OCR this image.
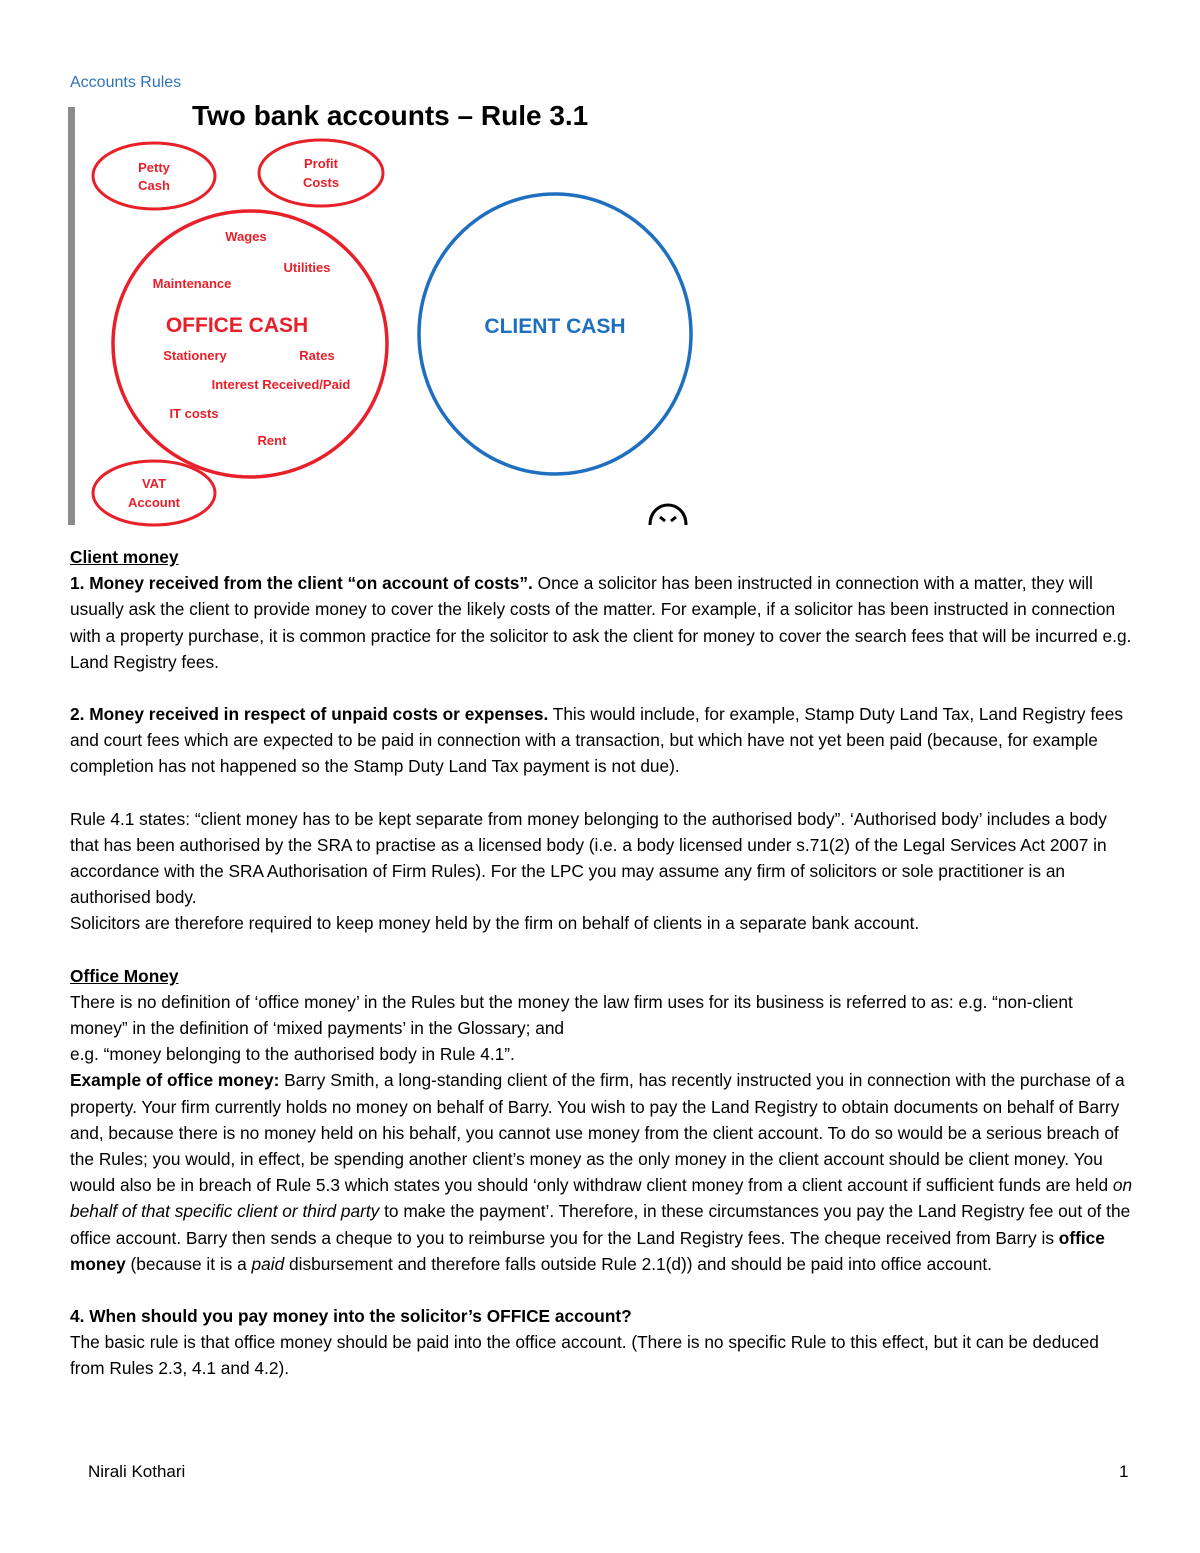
Accounts Rules
Two bank accounts – Rule 3.1
Petty
Cash
Profit
Costs
OFFICE CASH
Wages
Utilities
Maintenance
Stationery	Rates
Interest Received/Paid
IT costs
Rent
VAT
Account
CLIENT CASH

Client money

1. Money received from the client “on account of costs”. Once a solicitor has been instructed in connection with a matter, they will usually ask the client to provide money to cover the likely costs of the matter. For example, if a solicitor has been instructed in connection with a property purchase, it is common practice for the solicitor to ask the client for money to cover the search fees that will be incurred e.g. Land Registry fees.

2. Money received in respect of unpaid costs or expenses. This would include, for example, Stamp Duty Land Tax, Land Registry fees and court fees which are expected to be paid in connection with a transaction, but which have not yet been paid (because, for example completion has not happened so the Stamp Duty Land Tax payment is not due).

Rule 4.1 states: “client money has to be kept separate from money belonging to the authorised body”. ‘Authorised body’ includes a body that has been authorised by the SRA to practise as a licensed body (i.e. a body licensed under s.71(2) of the Legal Services Act 2007 in accordance with the SRA Authorisation of Firm Rules). For the LPC you may assume any firm of solicitors or sole practitioner is an authorised body.

Solicitors are therefore required to keep money held by the firm on behalf of clients in a separate bank account.

Office Money

There is no definition of ‘office money’ in the Rules but the money the law firm uses for its business is referred to as: e.g. “non-client money” in the definition of ‘mixed payments’ in the Glossary; and

e.g. “money belonging to the authorised body in Rule 4.1”.

Example of office money: Barry Smith, a long-standing client of the firm, has recently instructed you in connection with the purchase of a property. Your firm currently holds no money on behalf of Barry. You wish to pay the Land Registry to obtain documents on behalf of Barry and, because there is no money held on his behalf, you cannot use money from the client account. To do so would be a serious breach of the Rules; you would, in effect, be spending another client’s money as the only money in the client account should be client money. You would also be in breach of Rule 5.3 which states you should ‘only withdraw client money from a client account if sufficient funds are held on behalf of that specific client or third party to make the payment’. Therefore, in these circumstances you pay the Land Registry fee out of the office account. Barry then sends a cheque to you to reimburse you for the Land Registry fees. The cheque received from Barry is office money (because it is a paid disbursement and therefore falls outside Rule 2.1(d)) and should be paid into office account.

4. When should you pay money into the solicitor’s OFFICE account?

The basic rule is that office money should be paid into the office account. (There is no specific Rule to this effect, but it can be deduced from Rules 2.3, 4.1 and 4.2).

Nirali Kothari	1
